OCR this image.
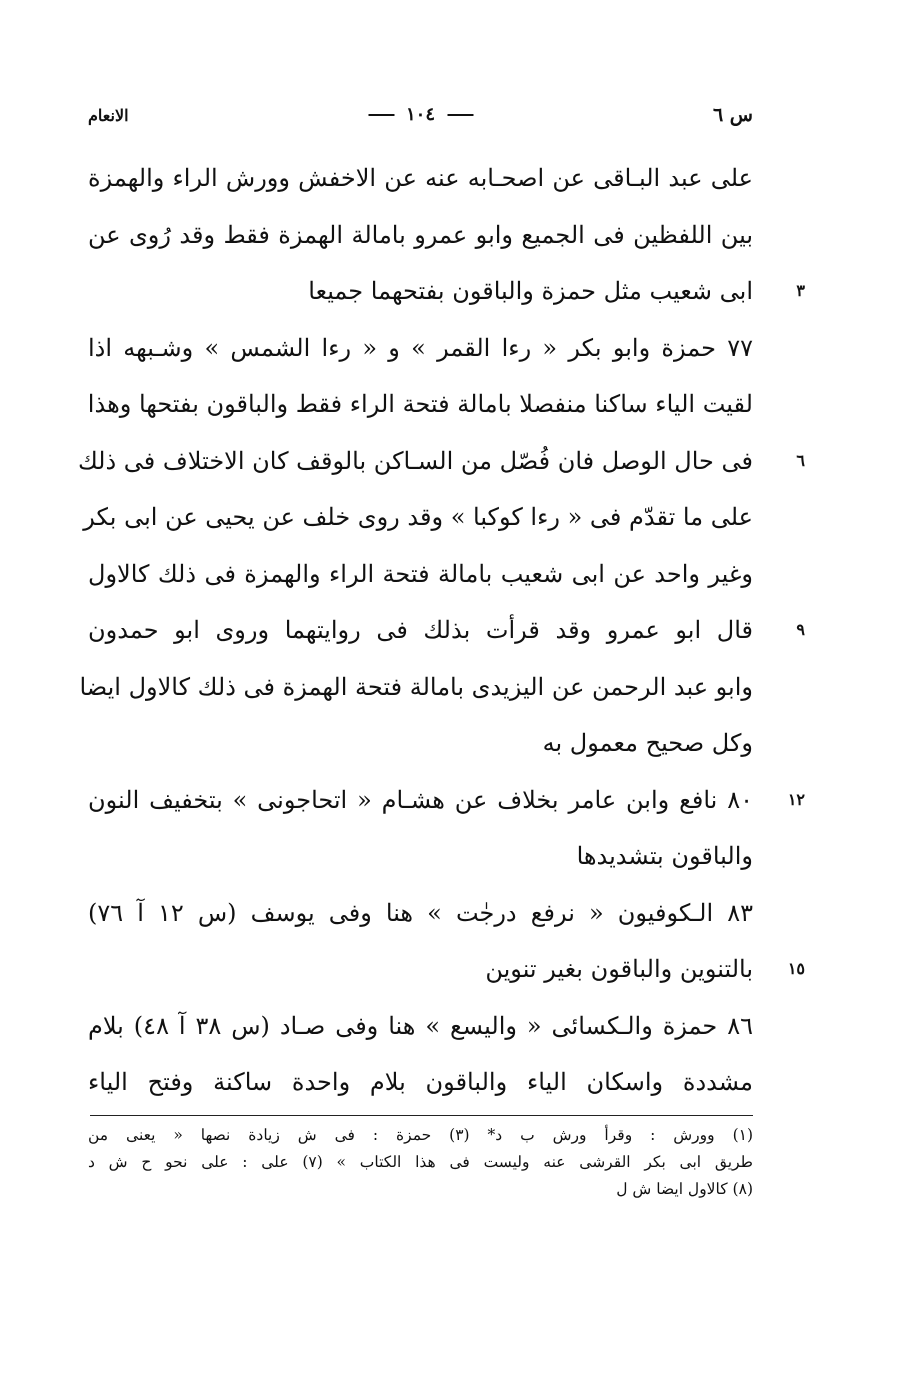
س ٦
١٠٤
الانعام
على عبد البـاقى عن اصحـابه عنه عن الاخفش وورش الراء والهمزة
بين اللفظين فى الجميع وابو عمرو بامالة الهمزة فقط وقد رُوى عن
٣
ابى شعيب مثل حمزة والباقون بفتحهما جميعا
٧٧ حمزة وابو بكر « رءا القمر » و « رءا الشمس » وشـبهه اذا
لقيت الياء ساكنا منفصلا بامالة فتحة الراء فقط والباقون بفتحها وهذا
٦
فى حال الوصل فان فُصّل من السـاكن بالوقف كان الاختلاف فى ذلك
على ما تقدّم فى « رءا كوكبا » وقد روى خلف عن يحيى عن ابى بكر
وغير واحد عن ابى شعيب بامالة فتحة الراء والهمزة فى ذلك كالاول
٩
قال ابو عمرو وقد قرأت بذلك فى روايتهما وروى ابو حمدون
وابو عبد الرحمن عن اليزيدى بامالة فتحة الهمزة فى ذلك كالاول ايضا
وكل صحيح معمول به
١٢
٨٠ نافع وابن عامر بخلاف عن هشـام « اتحاجونى » بتخفيف النون
والباقون بتشديدها
٨٣ الـكوفيون « نرفع درجٰت » هنا وفى يوسف (س ١٢ آ ٧٦)
١٥
بالتنوين والباقون بغير تنوين
٨٦ حمزة والـكسائى « واليسع » هنا وفى صـاد (س ٣٨ آ ٤٨) بلام
مشددة واسكان الياء والباقون بلام واحدة ساكنة وفتح الياء
(١) وورش : وقرأ ورش ب د* (٣) حمزة : فى ش زيادة نصها « يعنى من
طريق ابى بكر القرشى عنه وليست فى هذا الكتاب » (٧) على : على نحو ح ش د
(٨) كالاول ايضا ش ل
